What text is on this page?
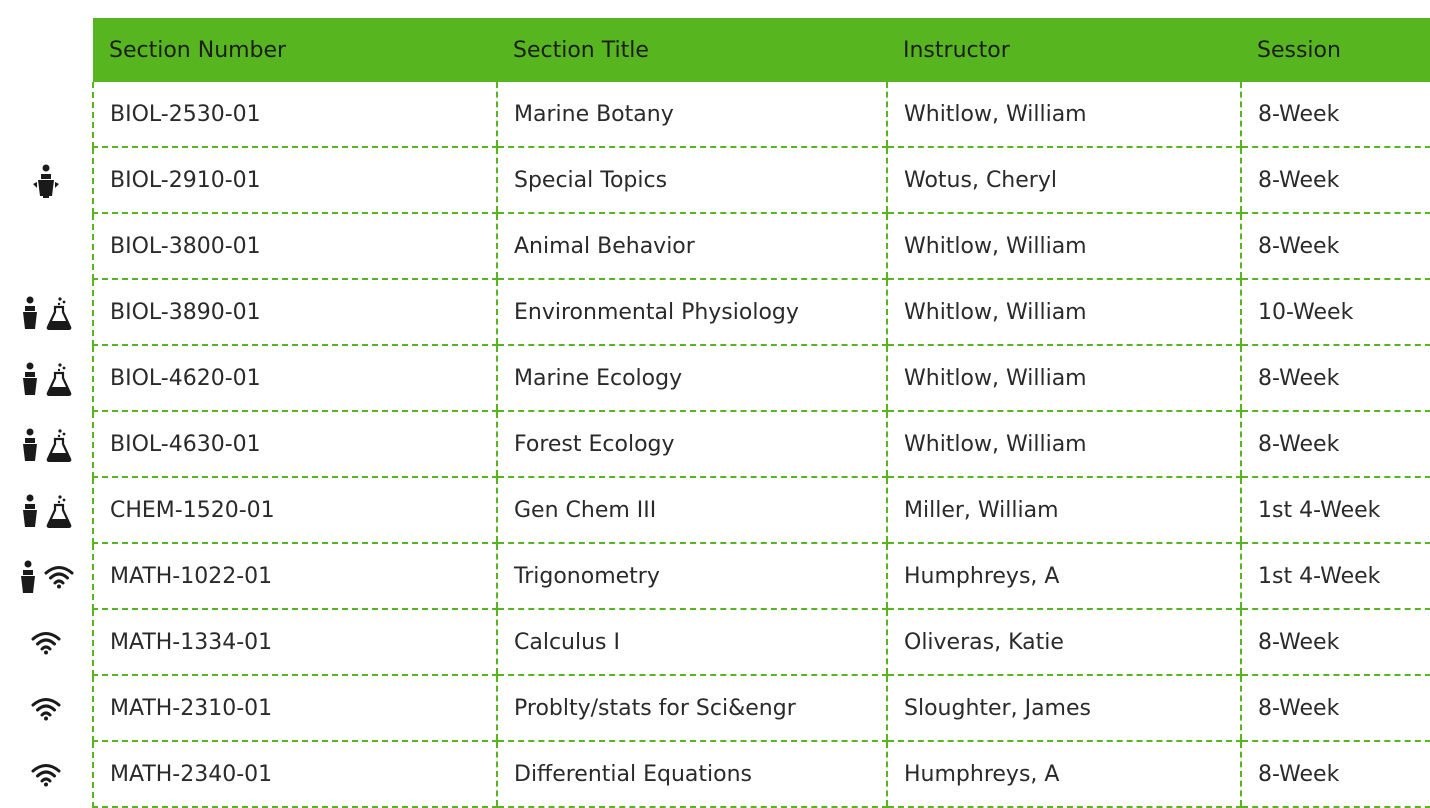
Section Number	Section Title	Instructor	Session
BIOL-2530-01	Marine Botany	Whitlow, William	8-Week
BIOL-2910-01	Special Topics	Wotus, Cheryl	8-Week
BIOL-3800-01	Animal Behavior	Whitlow, William	8-Week
BIOL-3890-01	Environmental Physiology	Whitlow, William	10-Week
BIOL-4620-01	Marine Ecology	Whitlow, William	8-Week
BIOL-4630-01	Forest Ecology	Whitlow, William	8-Week
CHEM-1520-01	Gen Chem III	Miller, William	1st 4-Week
MATH-1022-01	Trigonometry	Humphreys, A	1st 4-Week
MATH-1334-01	Calculus I	Oliveras, Katie	8-Week
MATH-2310-01	Problty/stats for Sci&engr	Sloughter, James	8-Week
MATH-2340-01	Differential Equations	Humphreys, A	8-Week
